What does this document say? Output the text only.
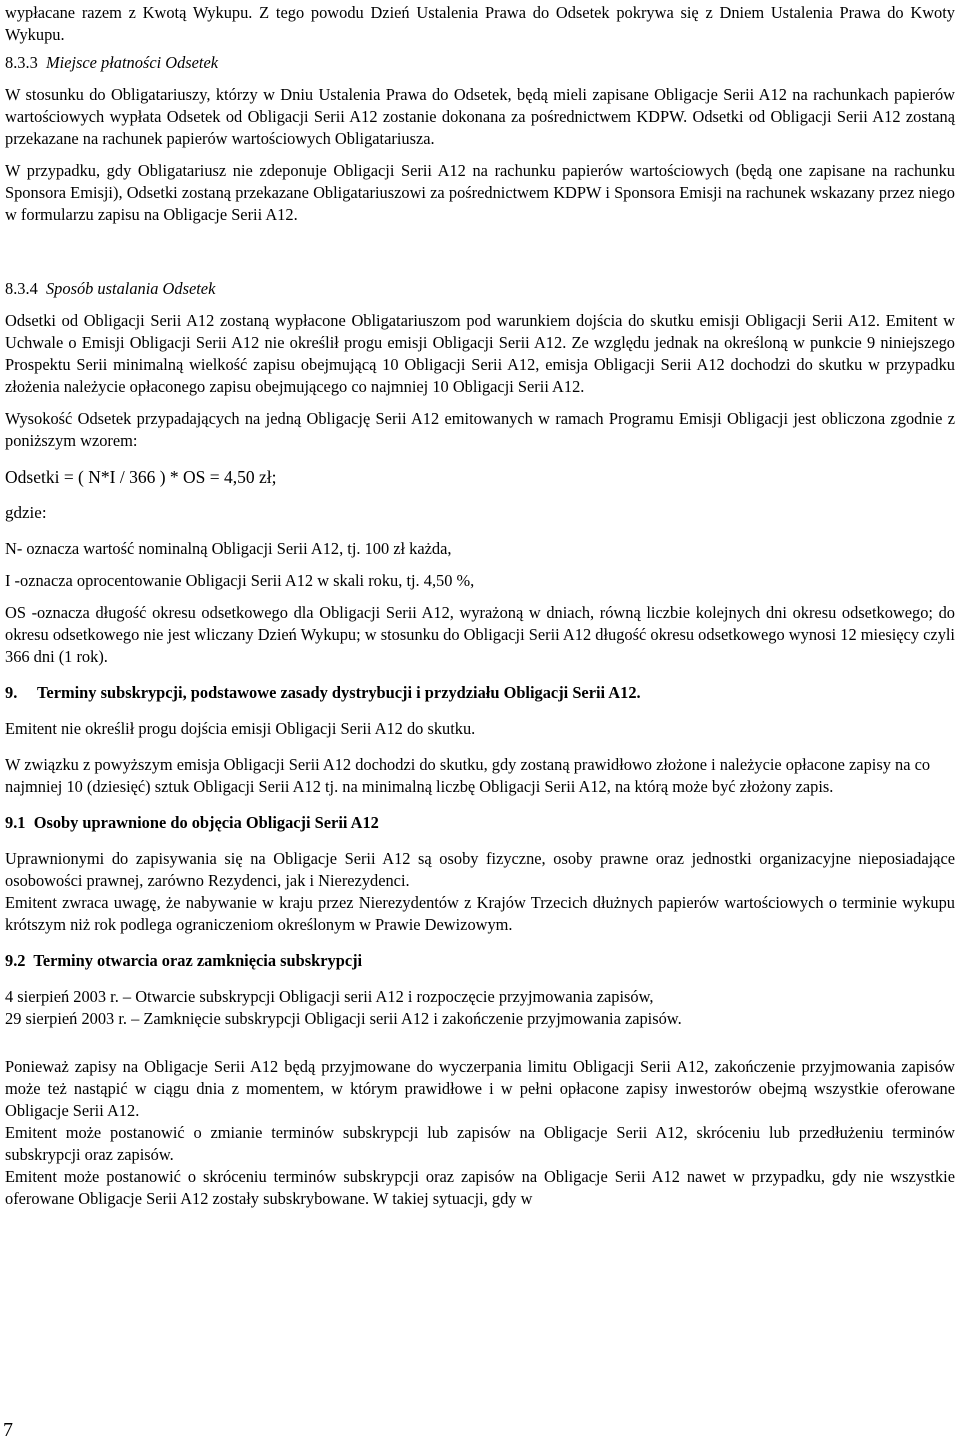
wypłacane razem z Kwotą Wykupu. Z tego powodu Dzień Ustalenia Prawa do Odsetek pokrywa się z Dniem Ustalenia Prawa do Kwoty Wykupu.

8.3.3 Miejsce płatności Odsetek

W stosunku do Obligatariuszy, którzy w Dniu Ustalenia Prawa do Odsetek, będą mieli zapisane Obligacje Serii A12 na rachunkach papierów wartościowych wypłata Odsetek od Obligacji Serii A12 zostanie dokonana za pośrednictwem KDPW. Odsetki od Obligacji Serii A12 zostaną przekazane na rachunek papierów wartościowych Obligatariusza.

W przypadku, gdy Obligatariusz nie zdeponuje Obligacji Serii A12 na rachunku papierów wartościowych (będą one zapisane na rachunku Sponsora Emisji), Odsetki zostaną przekazane Obligatariuszowi za pośrednictwem KDPW i Sponsora Emisji na rachunek wskazany przez niego w formularzu zapisu na Obligacje Serii A12.

8.3.4 Sposób ustalania Odsetek

Odsetki od Obligacji Serii A12 zostaną wypłacone Obligatariuszom pod warunkiem dojścia do skutku emisji Obligacji Serii A12. Emitent w Uchwale o Emisji Obligacji Serii A12 nie określił progu emisji Obligacji Serii A12. Ze względu jednak na określoną w punkcie 9 niniejszego Prospektu Serii minimalną wielkość zapisu obejmującą 10 Obligacji Serii A12, emisja Obligacji Serii A12 dochodzi do skutku w przypadku złożenia należycie opłaconego zapisu obejmującego co najmniej 10 Obligacji Serii A12.

Wysokość Odsetek przypadających na jedną Obligację Serii A12 emitowanych w ramach Programu Emisji Obligacji jest obliczona zgodnie z poniższym wzorem:

Odsetki = ( N*I / 366 ) * OS = 4,50 zł;

gdzie:

N- oznacza wartość nominalną Obligacji Serii A12, tj. 100 zł każda,

I -oznacza oprocentowanie Obligacji Serii A12 w skali roku, tj. 4,50 %,

OS -oznacza długość okresu odsetkowego dla Obligacji Serii A12, wyrażoną w dniach, równą liczbie kolejnych dni okresu odsetkowego; do okresu odsetkowego nie jest wliczany Dzień Wykupu; w stosunku do Obligacji Serii A12 długość okresu odsetkowego wynosi 12 miesięcy czyli 366 dni (1 rok).

9. Terminy subskrypcji, podstawowe zasady dystrybucji i przydziału Obligacji Serii A12.

Emitent nie określił progu dojścia emisji Obligacji Serii A12 do skutku.

W związku z powyższym emisja Obligacji Serii A12 dochodzi do skutku, gdy zostaną prawidłowo złożone i należycie opłacone zapisy na co najmniej 10 (dziesięć) sztuk Obligacji Serii A12 tj. na minimalną liczbę Obligacji Serii A12, na którą może być złożony zapis.

9.1 Osoby uprawnione do objęcia Obligacji Serii A12

Uprawnionymi do zapisywania się na Obligacje Serii A12 są osoby fizyczne, osoby prawne oraz jednostki organizacyjne nieposiadające osobowości prawnej, zarówno Rezydenci, jak i Nierezydenci.

Emitent zwraca uwagę, że nabywanie w kraju przez Nierezydentów z Krajów Trzecich dłużnych papierów wartościowych o terminie wykupu krótszym niż rok podlega ograniczeniom określonym w Prawie Dewizowym.

9.2 Terminy otwarcia oraz zamknięcia subskrypcji

4 sierpień 2003 r. – Otwarcie subskrypcji Obligacji serii A12 i rozpoczęcie przyjmowania zapisów,

29 sierpień 2003 r. – Zamknięcie subskrypcji Obligacji serii A12 i zakończenie przyjmowania zapisów.

Ponieważ zapisy na Obligacje Serii A12 będą przyjmowane do wyczerpania limitu Obligacji Serii A12, zakończenie przyjmowania zapisów może też nastąpić w ciągu dnia z momentem, w którym prawidłowe i w pełni opłacone zapisy inwestorów obejmą wszystkie oferowane Obligacje Serii A12.

Emitent może postanowić o zmianie terminów subskrypcji lub zapisów na Obligacje Serii A12, skróceniu lub przedłużeniu terminów subskrypcji oraz zapisów.

Emitent może postanowić o skróceniu terminów subskrypcji oraz zapisów na Obligacje Serii A12 nawet w przypadku, gdy nie wszystkie oferowane Obligacje Serii A12 zostały subskrybowane. W takiej sytuacji, gdy w

7
